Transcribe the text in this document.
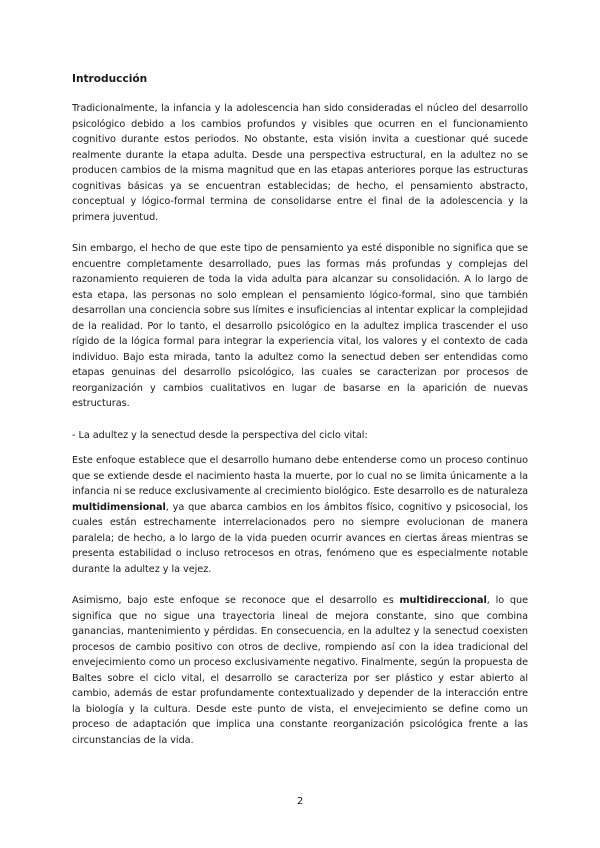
Introducción

Tradicionalmente, la infancia y la adolescencia han sido consideradas el núcleo del desarrollo psicológico debido a los cambios profundos y visibles que ocurren en el funcionamiento cognitivo durante estos periodos. No obstante, esta visión invita a cuestionar qué sucede realmente durante la etapa adulta. Desde una perspectiva estructural, en la adultez no se producen cambios de la misma magnitud que en las etapas anteriores porque las estructuras cognitivas básicas ya se encuentran establecidas; de hecho, el pensamiento abstracto, conceptual y lógico-formal termina de consolidarse entre el final de la adolescencia y la primera juventud.

Sin embargo, el hecho de que este tipo de pensamiento ya esté disponible no significa que se encuentre completamente desarrollado, pues las formas más profundas y complejas del razonamiento requieren de toda la vida adulta para alcanzar su consolidación. A lo largo de esta etapa, las personas no solo emplean el pensamiento lógico-formal, sino que también desarrollan una conciencia sobre sus límites e insuficiencias al intentar explicar la complejidad de la realidad. Por lo tanto, el desarrollo psicológico en la adultez implica trascender el uso rígido de la lógica formal para integrar la experiencia vital, los valores y el contexto de cada individuo. Bajo esta mirada, tanto la adultez como la senectud deben ser entendidas como etapas genuinas del desarrollo psicológico, las cuales se caracterizan por procesos de reorganización y cambios cualitativos en lugar de basarse en la aparición de nuevas estructuras.

- La adultez y la senectud desde la perspectiva del ciclo vital:

Este enfoque establece que el desarrollo humano debe entenderse como un proceso continuo que se extiende desde el nacimiento hasta la muerte, por lo cual no se limita únicamente a la infancia ni se reduce exclusivamente al crecimiento biológico. Este desarrollo es de naturaleza multidimensional, ya que abarca cambios en los ámbitos físico, cognitivo y psicosocial, los cuales están estrechamente interrelacionados pero no siempre evolucionan de manera paralela; de hecho, a lo largo de la vida pueden ocurrir avances en ciertas áreas mientras se presenta estabilidad o incluso retrocesos en otras, fenómeno que es especialmente notable durante la adultez y la vejez.

Asimismo, bajo este enfoque se reconoce que el desarrollo es multidireccional, lo que significa que no sigue una trayectoria lineal de mejora constante, sino que combina ganancias, mantenimiento y pérdidas. En consecuencia, en la adultez y la senectud coexisten procesos de cambio positivo con otros de declive, rompiendo así con la idea tradicional del envejecimiento como un proceso exclusivamente negativo. Finalmente, según la propuesta de Baltes sobre el ciclo vital, el desarrollo se caracteriza por ser plástico y estar abierto al cambio, además de estar profundamente contextualizado y depender de la interacción entre la biología y la cultura. Desde este punto de vista, el envejecimiento se define como un proceso de adaptación que implica una constante reorganización psicológica frente a las circunstancias de la vida.

2
